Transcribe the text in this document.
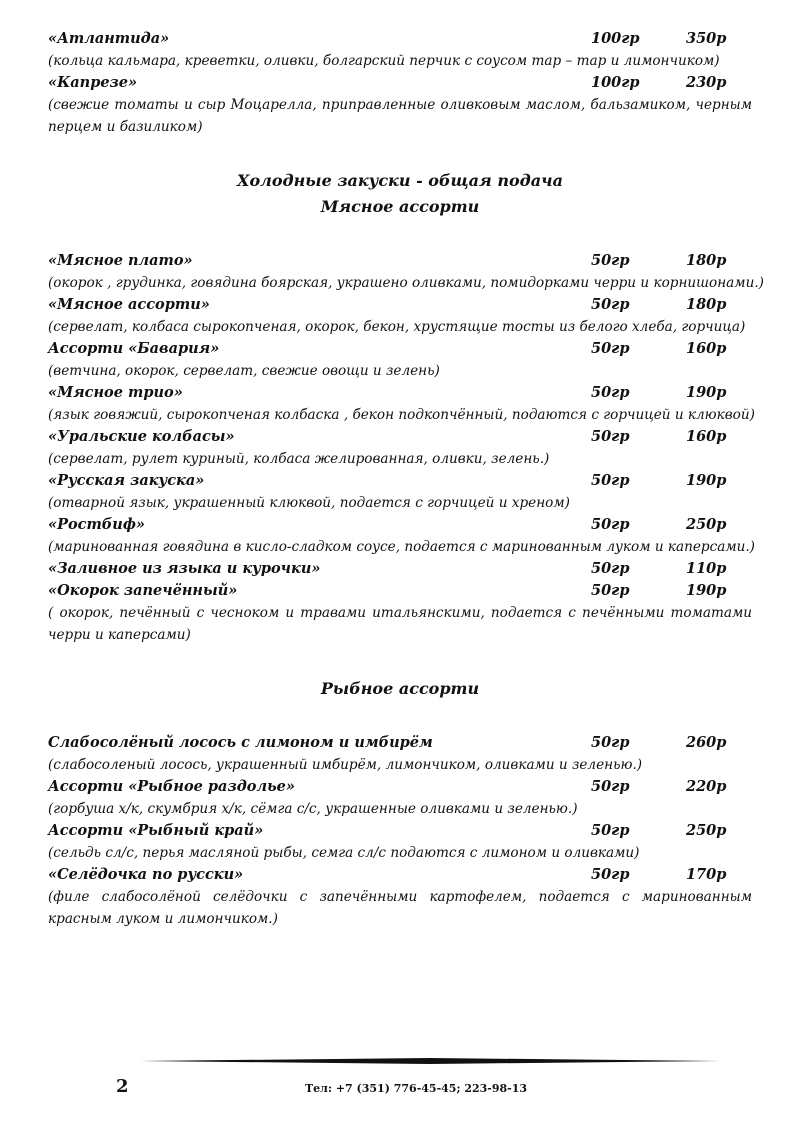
«Атлантида»	100гр	350р
(кольца кальмара, креветки, оливки, болгарский перчик с соусом тар – тар и лимончиком)
«Капрезе»	100гр	230р
(свежие томаты и сыр Моцарелла, приправленные оливковым маслом, бальзамиком, черным перцем и базиликом)
Холодные закуски - общая подача
Мясное ассорти
«Мясное плато»	50гр	180р
(окорок , грудинка, говядина боярская, украшено оливками, помидорками черри и корнишонами.)
«Мясное ассорти»	50гр	180р
(сервелат, колбаса сырокопченая, окорок, бекон, хрустящие тосты из белого хлеба, горчица)
Ассорти «Бавария»	50гр	160р
(ветчина, окорок, сервелат, свежие овощи и зелень)
«Мясное трио»	50гр	190р
(язык говяжий, сырокопченая колбаска , бекон подкопчённый, подаются с горчицей и клюквой)
«Уральские колбасы»	50гр	160р
(сервелат, рулет куриный, колбаса желированная, оливки, зелень.)
«Русская закуска»	50гр	190р
(отварной язык, украшенный клюквой, подается с горчицей и хреном)
«Ростбиф»	50гр	250р
(маринованная говядина в кисло-сладком соусе, подается с маринованным луком и каперсами.)
«Заливное из языка и курочки»	50гр	110р
«Окорок запечённый»	50гр	190р
( окорок, печённый с чесноком и травами итальянскими, подается с печёнными томатами черри и каперсами)
Рыбное ассорти
Слабосолёный лосось с лимоном и имбирём	50гр	260р
(слабосоленый лосось, украшенный имбирём, лимончиком, оливками и зеленью.)
Ассорти «Рыбное раздолье»	50гр	220р
(горбуша х/к, скумбрия х/к, сёмга с/с, украшенные оливками и зеленью.)
Ассорти «Рыбный край»	50гр	250р
(сельдь сл/с, перья масляной рыбы, семга сл/с подаются с лимоном и оливками)
«Селёдочка по русски»	50гр	170р
(филе слабосолёной селёдочки с запечёнными картофелем, подается с маринованным красным луком и лимончиком.)
2	Тел: +7 (351) 776-45-45; 223-98-13
